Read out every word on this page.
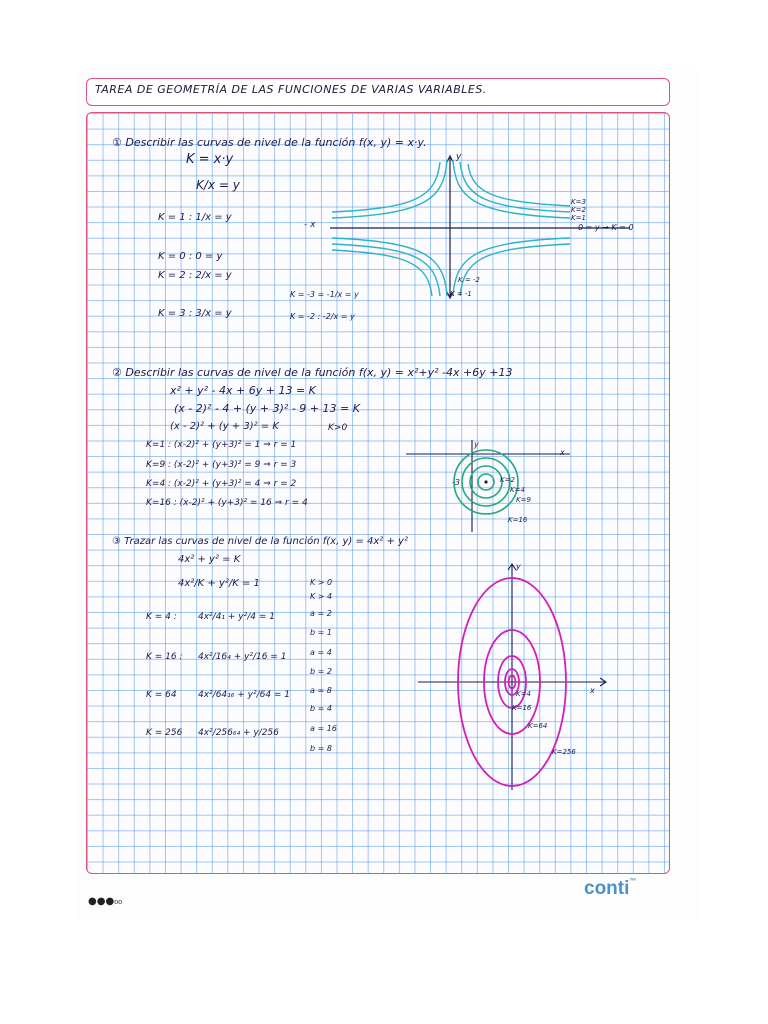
TAREA DE GEOMETRÍA DE LAS FUNCIONES DE VARIAS VARIABLES.
① Describir las curvas de nivel de la función f(x, y) = x·y.
K = x·y
K/x = y
K = 1 : 1/x = y
K = 0 : 0 = y
K = 2 : 2/x = y
K = 3 : 3/x = y
K = -3 = -1/x = y
K = -2 : -2/x = y
y
- x
K=3
K=2
K=1
0 = y → K = 0
K = -2
K = -1
② Describir las curvas de nivel de la función f(x, y) = x²+y² -4x +6y +13
x² + y² - 4x + 6y + 13 = K
(x - 2)² - 4 + (y + 3)² - 9 + 13 = K
(x - 2)² + (y + 3)² = K	K>0
K=1 : (x-2)² + (y+3)² = 1 ⇒ r = 1
K=9 : (x-2)² + (y+3)² = 9 ⇒ r = 3
K=4 : (x-2)² + (y+3)² = 4 ⇒ r = 2
K=16 : (x-2)² + (y+3)² = 16 ⇒ r = 4
y
x
-3	K=2
K=4
K=9
K=16
③ Trazar las curvas de nivel de la función f(x, y) = 4x² + y²
4x² + y² = K
4x²/K + y²/K = 1	K > 0
K > 4
K = 4 : 4x²/4₁ + y²/4 = 1	a = 2
b = 1
K = 16 : 4x²/16₄ + y²/16 = 1	a = 4
b = 2
K = 64 4x²/64₁₆ + y²/64 = 1 a = 8
b = 4
K = 256 4x²/256₆₄ + y/256	a = 16
b = 8
y
x
K=4
K=16
K=64
K=256
●●●₀₀
conti™
